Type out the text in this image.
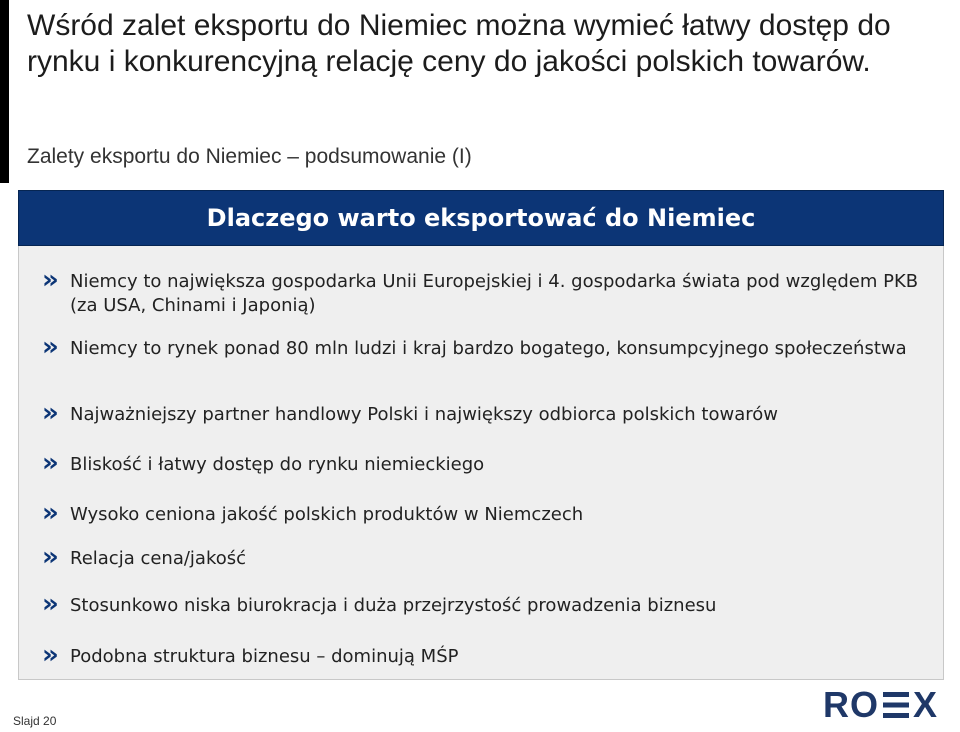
Wśród zalet eksportu do Niemiec można wymieć łatwy dostęp do rynku i konkurencyjną relację ceny do jakości polskich towarów.
Zalety eksportu do Niemiec – podsumowanie (I)
Dlaczego warto eksportować do Niemiec
» Niemcy to największa gospodarka Unii Europejskiej i 4. gospodarka świata pod względem PKB (za USA, Chinami i Japonią)
» Niemcy to rynek ponad 80 mln ludzi i kraj bardzo bogatego, konsumpcyjnego społeczeństwa
» Najważniejszy partner handlowy Polski i największy odbiorca polskich towarów
» Bliskość i łatwy dostęp do rynku niemieckiego
» Wysoko ceniona jakość polskich produktów w Niemczech
» Relacja cena/jakość
» Stosunkowo niska biurokracja i duża przejrzystość prowadzenia biznesu
» Podobna struktura biznesu – dominują MŚP
Slajd 20	RO X
